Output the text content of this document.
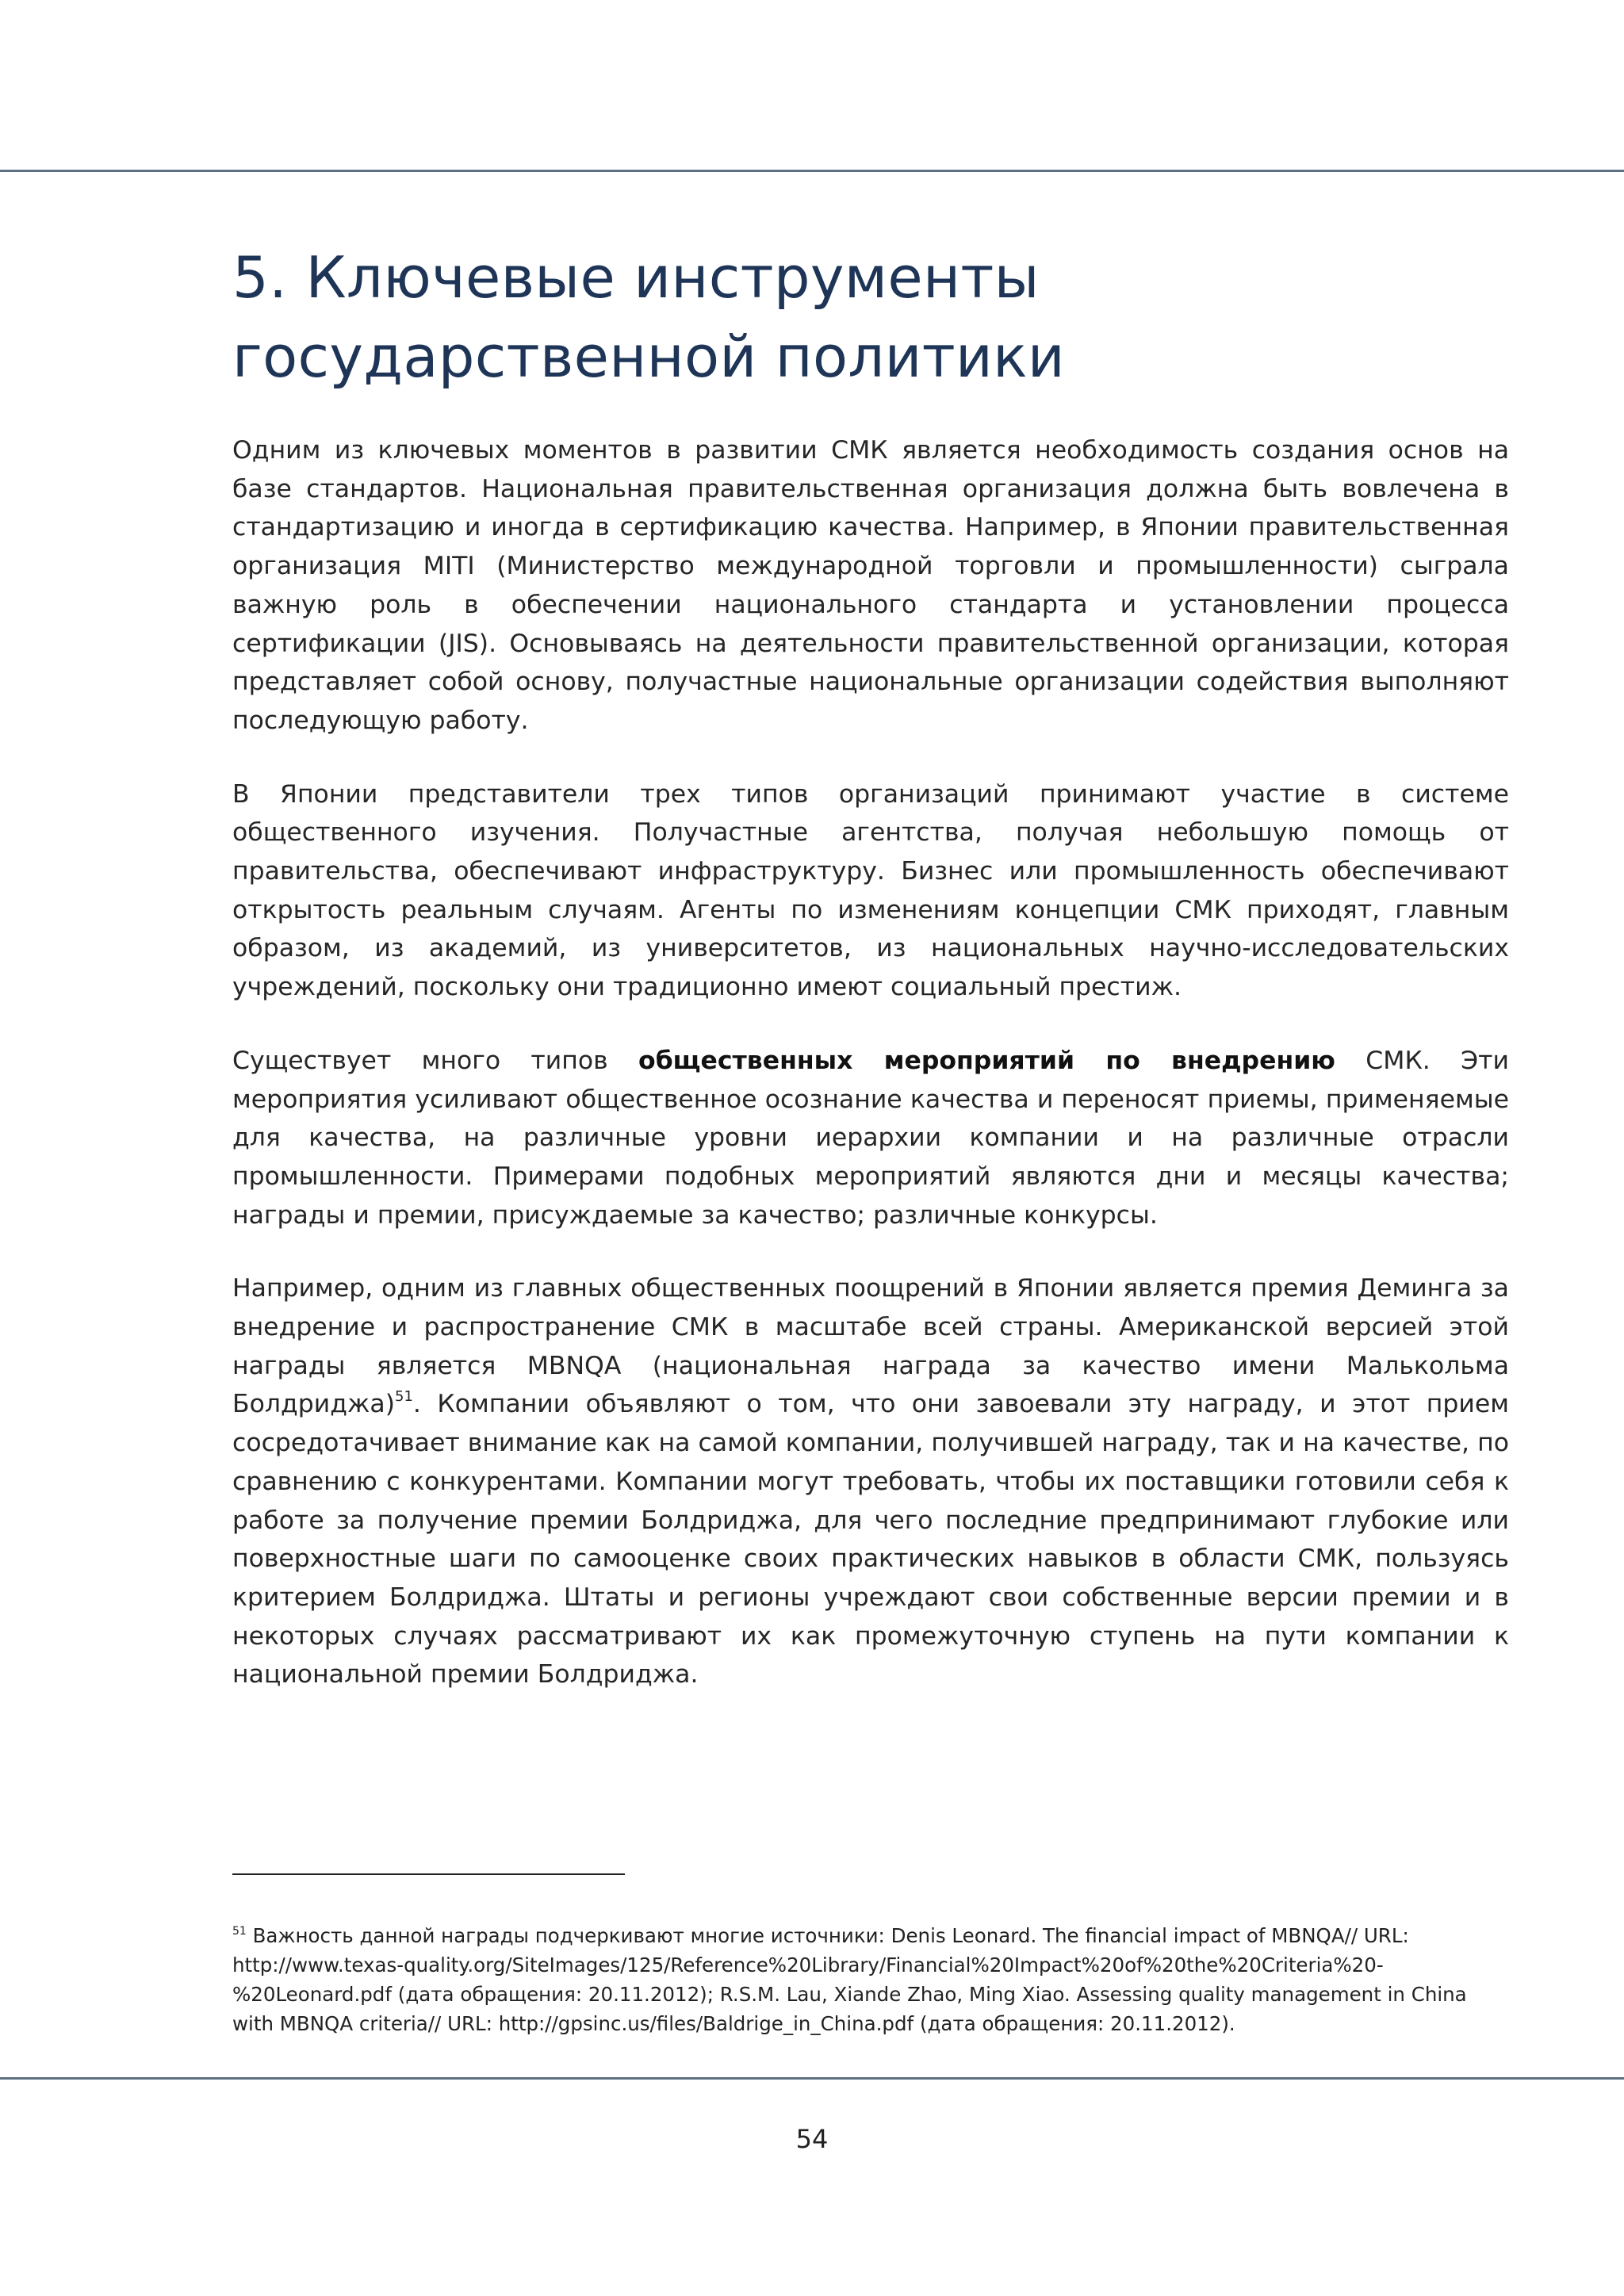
5. Ключевые инструменты государственной политики

Одним из ключевых моментов в развитии СМК является необходимость создания основ на базе стандартов. Национальная правительственная организация должна быть вовлечена в стандартизацию и иногда в сертификацию качества. Например, в Японии правительственная организация MITI (Министерство международной торговли и промышленности) сыграла важную роль в обеспечении национального стандарта и установлении процесса сертификации (JIS). Основываясь на деятельности правительственной организации, которая представляет собой основу, получастные национальные организации содействия выполняют последующую работу.

В Японии представители трех типов организаций принимают участие в системе общественного изучения. Получастные агентства, получая небольшую помощь от правительства, обеспечивают инфраструктуру. Бизнес или промышленность обеспечивают открытость реальным случаям. Агенты по изменениям концепции СМК приходят, главным образом, из академий, из университетов, из национальных научно-исследовательских учреждений, поскольку они традиционно имеют социальный престиж.

Существует много типов общественных мероприятий по внедрению СМК. Эти мероприятия усиливают общественное осознание качества и переносят приемы, применяемые для качества, на различные уровни иерархии компании и на различные отрасли промышленности. Примерами подобных мероприятий являются дни и месяцы качества; награды и премии, присуждаемые за качество; различные конкурсы.

Например, одним из главных общественных поощрений в Японии является премия Деминга за внедрение и распространение СМК в масштабе всей страны. Американской версией этой награды является MBNQA (национальная награда за качество имени Малькольма Болдриджа)$^{51}$. Компании объявляют о том, что они завоевали эту награду, и этот прием сосредотачивает внимание как на самой компании, получившей награду, так и на качестве, по сравнению с конкурентами. Компании могут требовать, чтобы их поставщики готовили себя к работе за получение премии Болдриджа, для чего последние предпринимают глубокие или поверхностные шаги по самооценке своих практических навыков в области СМК, пользуясь критерием Болдриджа. Штаты и регионы учреждают свои собственные версии премии и в некоторых случаях рассматривают их как промежуточную ступень на пути компании к национальной премии Болдриджа.

$^{51}$ Важность данной награды подчеркивают многие источники: Denis Leonard. The financial impact of MBNQA// URL: http://www.texas-quality.org/SiteImages/125/Reference%20Library/Financial%20Impact%20of%20the%20Criteria%20-%20Leonard.pdf (дата обращения: 20.11.2012); R.S.M. Lau, Xiande Zhao, Ming Xiao. Assessing quality management in China with MBNQA criteria// URL: http://gpsinc.us/files/Baldrige_in_China.pdf (дата обращения: 20.11.2012).
54
